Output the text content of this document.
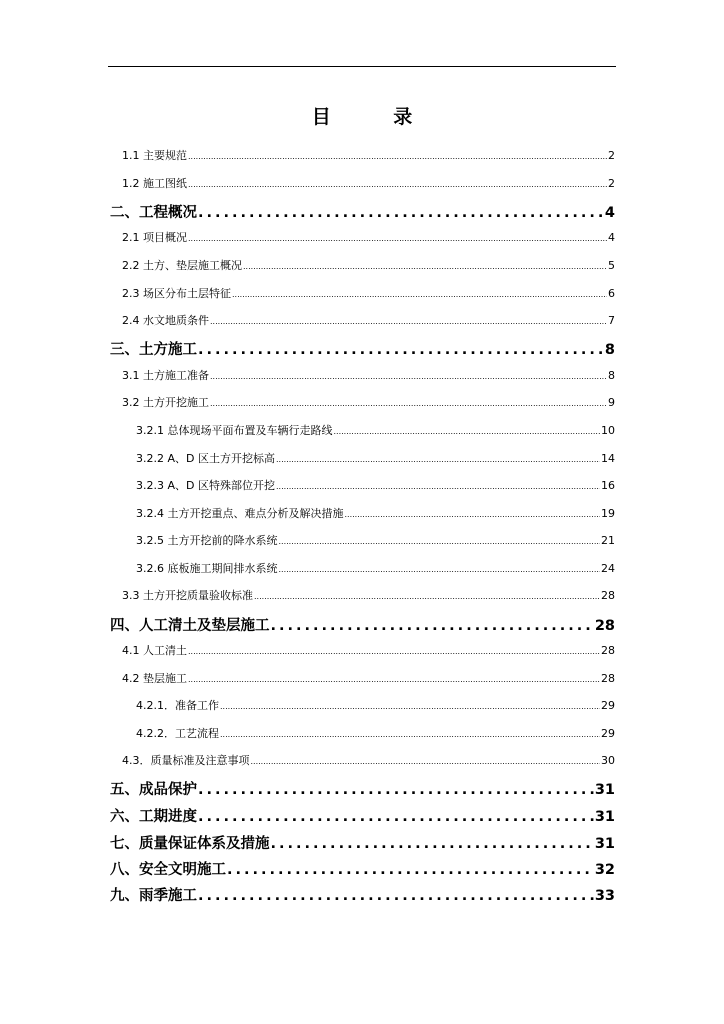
目 录
1.1 主要规范 .....	2
1.2 施工图纸 .....	2
二、工程概况 .....	4
2.1 项目概况 .....	4
2.2 土方、垫层施工概况 .....	5
2.3 场区分布土层特征 .....	6
2.4 水文地质条件 .....	7
三、土方施工 .....	8
3.1 土方施工准备 .....	8
3.2 土方开挖施工 .....	9
3.2.1 总体现场平面布置及车辆行走路线 .....	10
3.2.2 A、D 区土方开挖标高 .....	14
3.2.3 A、D 区特殊部位开挖 .....	16
3.2.4 土方开挖重点、难点分析及解决措施 .....	19
3.2.5 土方开挖前的降水系统 .....	21
3.2.6 底板施工期间排水系统 .....	24
3.3 土方开挖质量验收标准 .....	28
四、人工清土及垫层施工 .....	28
4.1 人工清土 .....	28
4.2 垫层施工 .....	28
4.2.1．准备工作 .....	29
4.2.2．工艺流程 .....	29
4.3．质量标准及注意事项 .....	30
五、成品保护 .....	31
六、工期进度 .....	31
七、质量保证体系及措施 .....	31
八、安全文明施工 .....	32
九、雨季施工 .....	33
